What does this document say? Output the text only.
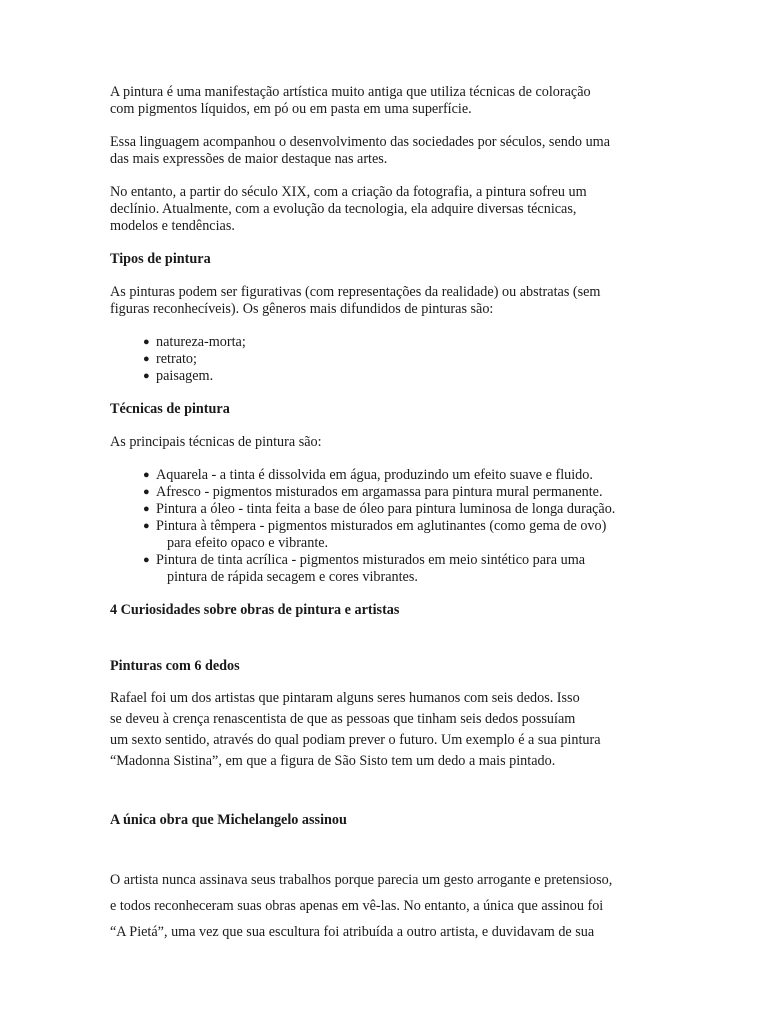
A pintura é uma manifestação artística muito antiga que utiliza técnicas de coloração
com pigmentos líquidos, em pó ou em pasta em uma superfície.

Essa linguagem acompanhou o desenvolvimento das sociedades por séculos, sendo uma
das mais expressões de maior destaque nas artes.

No entanto, a partir do século XIX, com a criação da fotografia, a pintura sofreu um
declínio. Atualmente, com a evolução da tecnologia, ela adquire diversas técnicas,
modelos e tendências.

Tipos de pintura

As pinturas podem ser figurativas (com representações da realidade) ou abstratas (sem
figuras reconhecíveis). Os gêneros mais difundidos de pinturas são:

● natureza-morta;
● retrato;
● paisagem.
Técnicas de pintura

As principais técnicas de pintura são:

● Aquarela - a tinta é dissolvida em água, produzindo um efeito suave e fluido.
● Afresco - pigmentos misturados em argamassa para pintura mural permanente.
● Pintura a óleo - tinta feita a base de óleo para pintura luminosa de longa duração.
● Pintura à têmpera - pigmentos misturados em aglutinantes (como gema de ovo)
para efeito opaco e vibrante.
● Pintura de tinta acrílica - pigmentos misturados em meio sintético para uma
pintura de rápida secagem e cores vibrantes.
4 Curiosidades sobre obras de pintura e artistas
Pinturas com 6 dedos

Rafael foi um dos artistas que pintaram alguns seres humanos com seis dedos. Isso
se deveu à crença renascentista de que as pessoas que tinham seis dedos possuíam
um sexto sentido, através do qual podiam prever o futuro. Um exemplo é a sua pintura
“Madonna Sistina”, em que a figura de São Sisto tem um dedo a mais pintado.

A única obra que Michelangelo assinou

O artista nunca assinava seus trabalhos porque parecia um gesto arrogante e pretensioso,
e todos reconheceram suas obras apenas em vê-las. No entanto, a única que assinou foi
“A Pietá”, uma vez que sua escultura foi atribuída a outro artista, e duvidavam de sua
